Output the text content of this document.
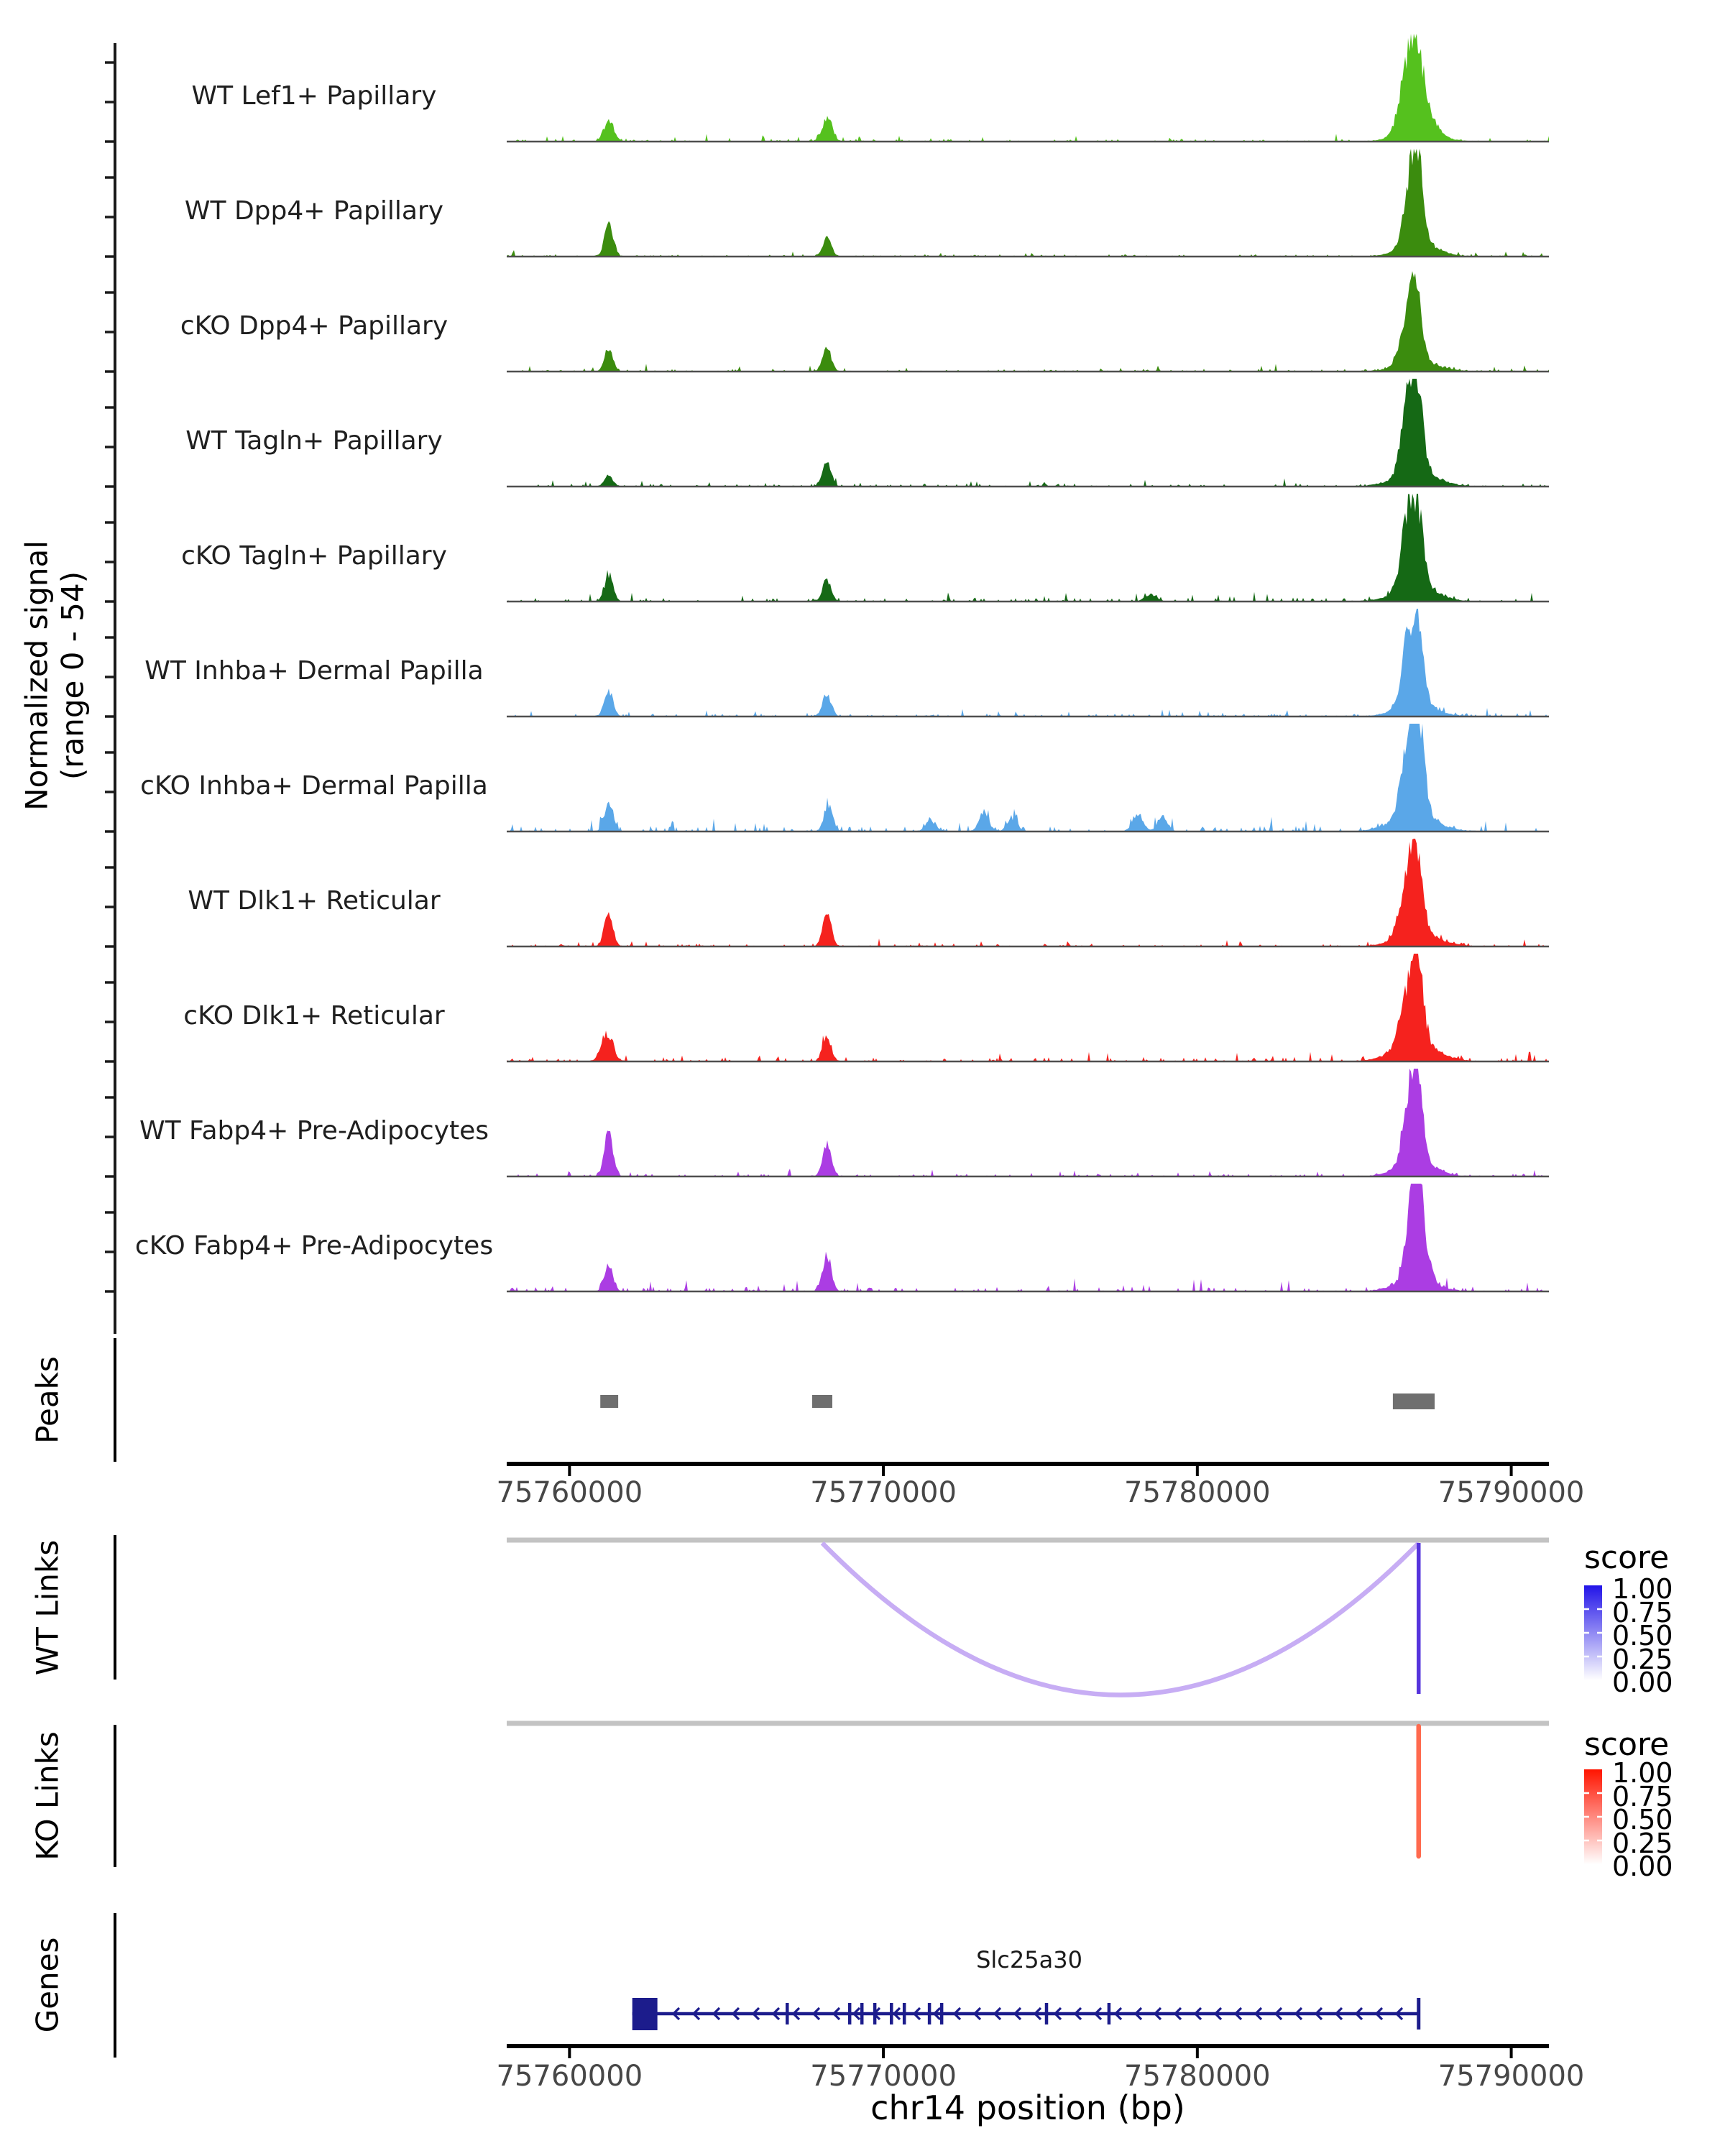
Normalized signal (range 0 - 54)
Peaks
WT Links
KO Links
Genes
score
score
Slc25a30
chr14 position (bp)
WT Lef1+ Papillary
WT Dpp4+ Papillary
cKO Dpp4+ Papillary
WT Tagln+ Papillary
cKO Tagln+ Papillary
WT Inhba+ Dermal Papilla
cKO Inhba+ Dermal Papilla
WT Dlk1+ Reticular
cKO Dlk1+ Reticular
WT Fabp4+ Pre-Adipocytes
cKO Fabp4+ Pre-Adipocytes
75760000	75770000	75780000	75790000
75760000	75770000	75780000	75790000
1.00
0.75
0.50
0.25
0.00
1.00
0.75
0.50
0.25
0.00
